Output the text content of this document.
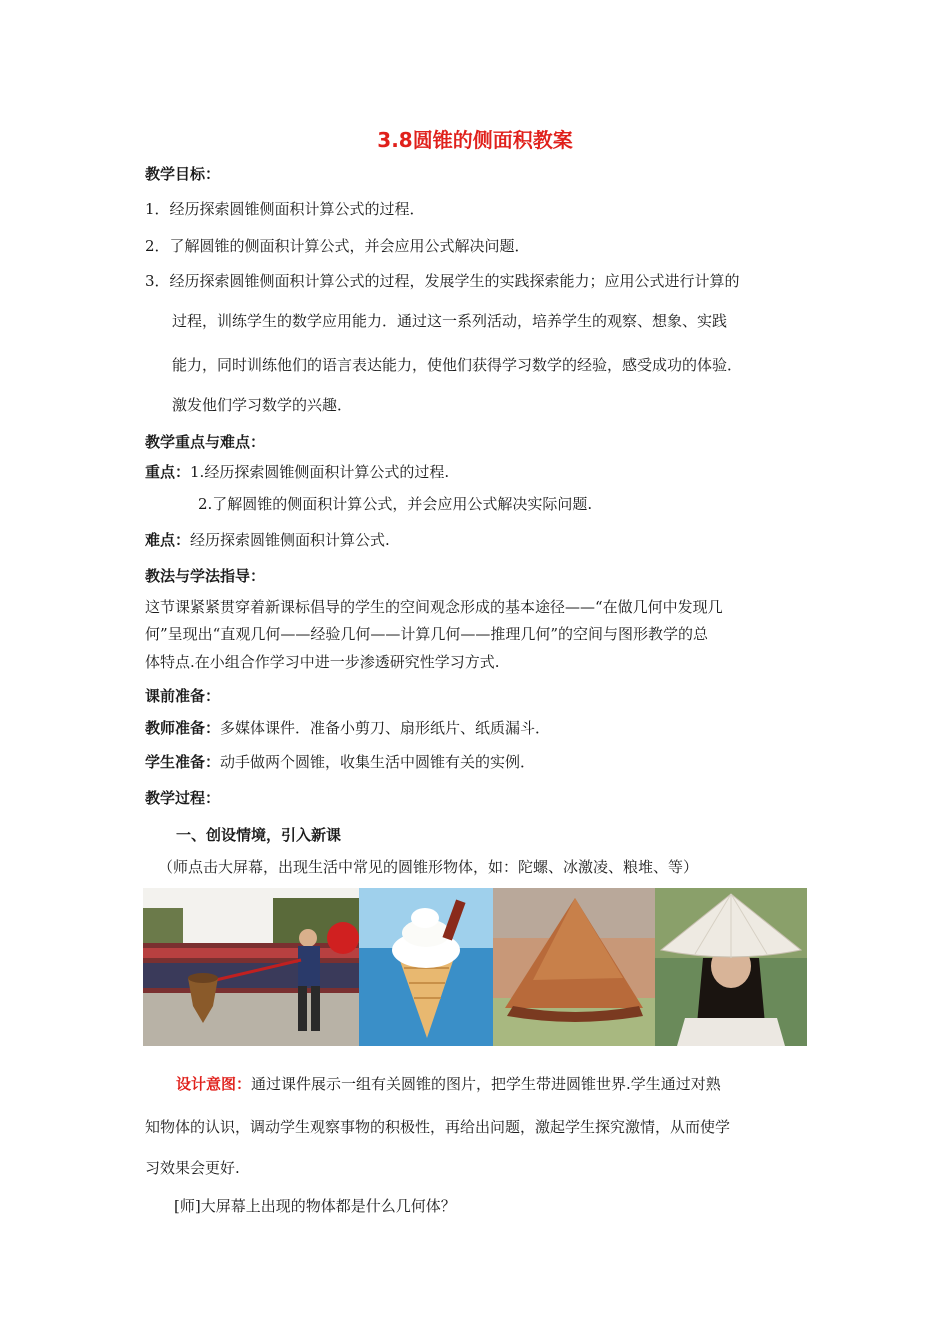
3.8圆锥的侧面积教案
教学目标：
1．经历探索圆锥侧面积计算公式的过程．
2．了解圆锥的侧面积计算公式，并会应用公式解决问题．
3．经历探索圆锥侧面积计算公式的过程，发展学生的实践探索能力；应用公式进行计算的
过程，训练学生的数学应用能力．通过这一系列活动，培养学生的观察、想象、实践
能力，同时训练他们的语言表达能力，使他们获得学习数学的经验，感受成功的体验．
激发他们学习数学的兴趣．
教学重点与难点：
重点：1.经历探索圆锥侧面积计算公式的过程.
2.了解圆锥的侧面积计算公式，并会应用公式解决实际问题.
难点：经历探索圆锥侧面积计算公式.
教法与学法指导：
这节课紧紧贯穿着新课标倡导的学生的空间观念形成的基本途径——“在做几何中发现几
何”呈现出“直观几何——经验几何——计算几何——推理几何”的空间与图形教学的总
体特点.在小组合作学习中进一步渗透研究性学习方式.
课前准备：
教师准备：多媒体课件．准备小剪刀、扇形纸片、纸质漏斗．
学生准备：动手做两个圆锥，收集生活中圆锥有关的实例．
教学过程：
一、创设情境，引入新课
（师点击大屏幕，出现生活中常见的圆锥形物体，如：陀螺、冰激凌、粮堆、等）
设计意图：通过课件展示一组有关圆锥的图片，把学生带进圆锥世界.学生通过对熟
知物体的认识，调动学生观察事物的积极性，再给出问题，激起学生探究激情，从而使学
习效果会更好.
[师]大屏幕上出现的物体都是什么几何体？
